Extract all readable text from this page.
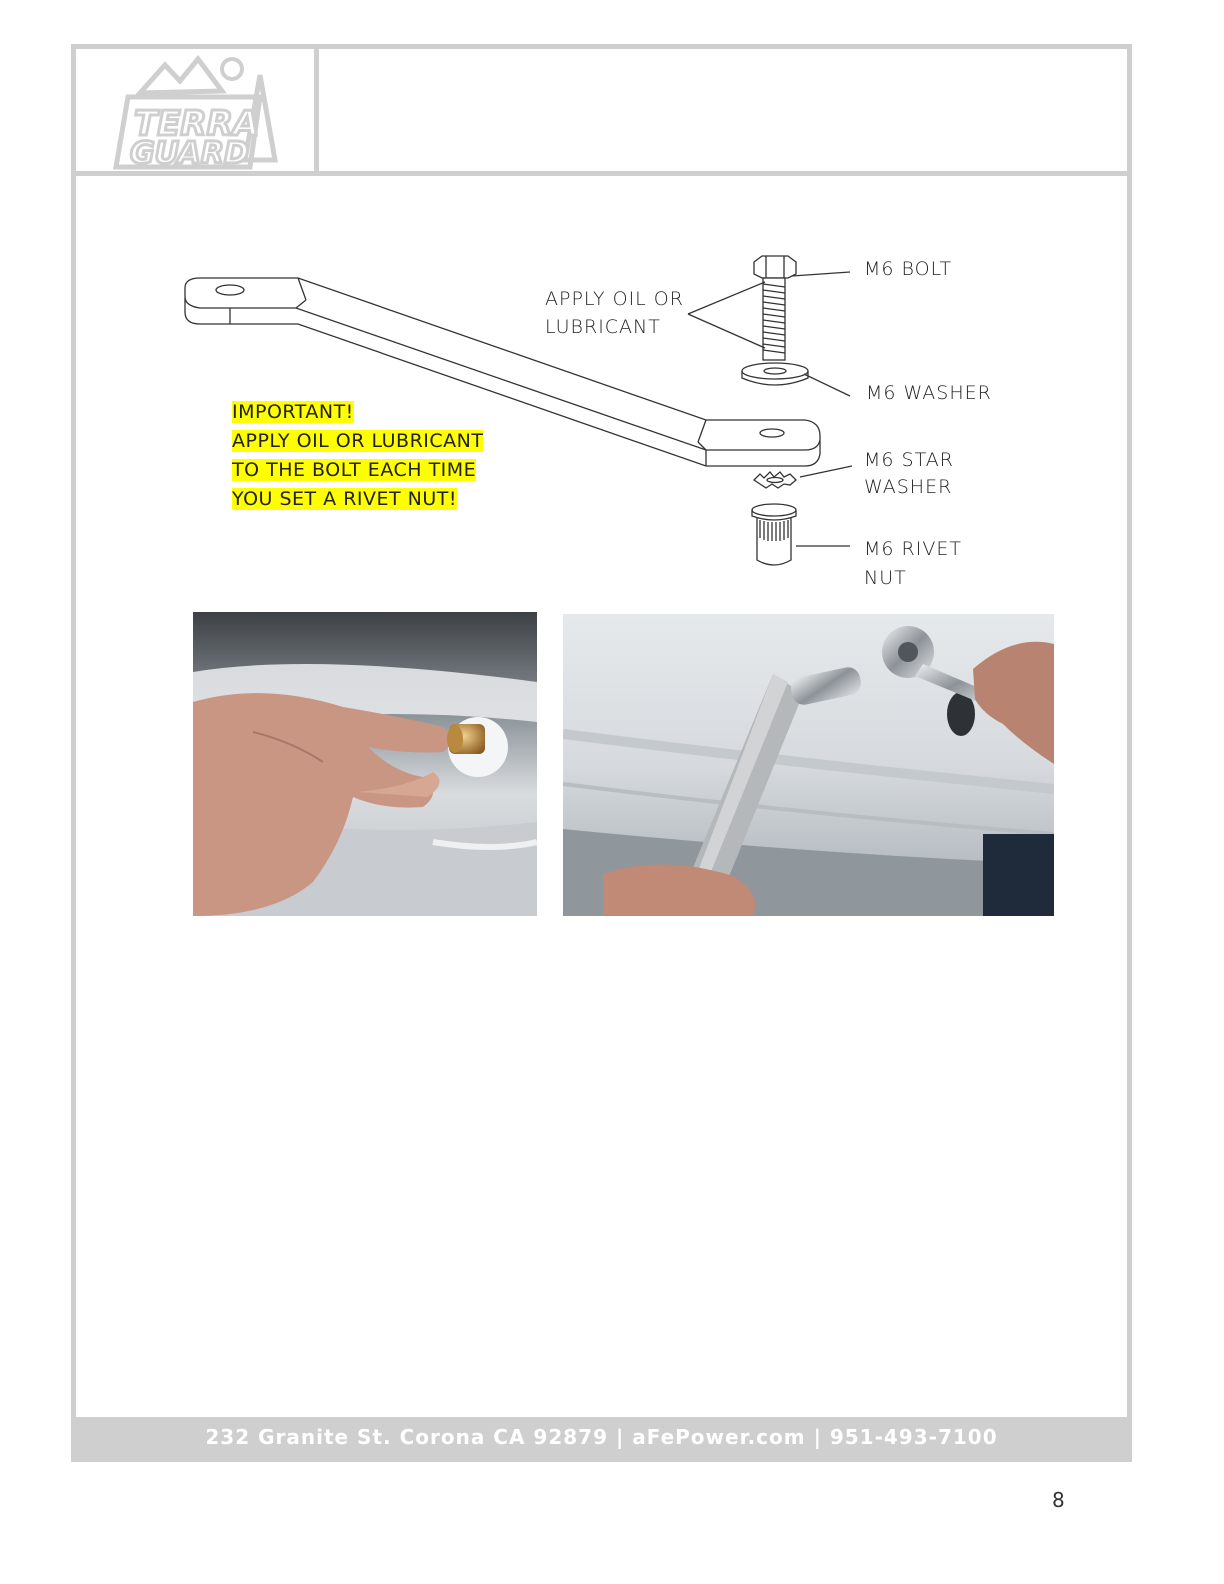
TERRA
GUARD
232 Granite St. Corona CA 92879 | aFePower.com | 951-493-7100
M6 BOLT
APPLY OIL OR
LUBRICANT
M6 WASHER
M6 STAR
WASHER
M6 RIVET
NUT
IMPORTANT!
APPLY OIL OR LUBRICANT
TO THE BOLT EACH TIME
YOU SET A RIVET NUT!
8
